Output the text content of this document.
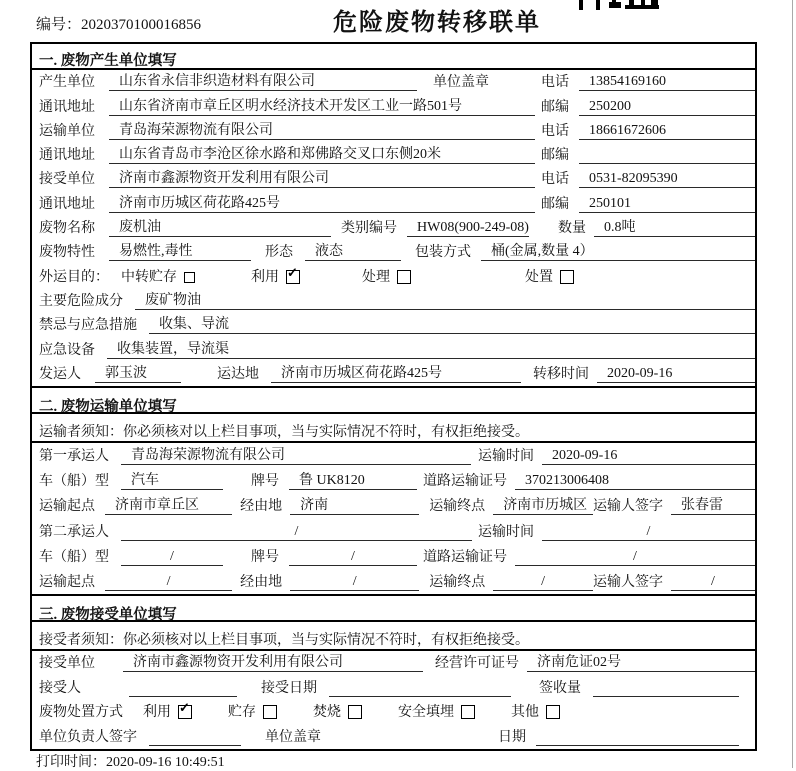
编号：2020370100016856	危险废物转移联单
一. 废物产生单位填写
产生单位	山东省永信非织造材料有限公司	单位盖章	电话	13854169160
通讯地址	山东省济南市章丘区明水经济技术开发区工业一路501号	邮编	250200
运输单位	青岛海荣源物流有限公司	电话	18661672606
通讯地址	山东省青岛市李沧区徐水路和郑佛路交叉口东侧20米	邮编
接受单位	济南市鑫源物资开发利用有限公司	电话	0531-82095390
通讯地址	济南市历城区荷花路425号	邮编	250101
废物名称	废机油	类别编号	HW08(900-249-08) 数量	0.8吨
废物特性	易燃性,毒性	形态	液态	包装方式	桶(金属,数量 4）
外运目的： 中转贮存	利用 ✓	处理	处置
主要危险成分	废矿物油
禁忌与应急措施	收集、导流
应急设备	收集装置，导流渠
发运人	郭玉波	运达地	济南市历城区荷花路425号	转移时间	2020-09-16
二. 废物运输单位填写
运输者须知：你必须核对以上栏目事项，当与实际情况不符时，有权拒绝接受。
第一承运人	青岛海荣源物流有限公司	运输时间	2020-09-16
车（船）型	汽车	牌号	鲁 UK8120	道路运输证号	370213006408
运输起点	济南市章丘区	经由地	济南	运输终点	济南市历城区 运输人签字	张春雷
第二承运人	/	运输时间	/
车（船）型	/	牌号	/	道路运输证号	/
运输起点	/	经由地	/	运输终点	/	运输人签字	/
三. 废物接受单位填写
接受者须知：你必须核对以上栏目事项，当与实际情况不符时，有权拒绝接受。
接受单位	济南市鑫源物资开发利用有限公司	经营许可证号	济南危证02号
接受人	接受日期	签收量
废物处置方式 利用 ✓	贮存	焚烧	安全填埋	其他
单位负责人签字	单位盖章	日期
打印时间：2020-09-16 10:49:51
